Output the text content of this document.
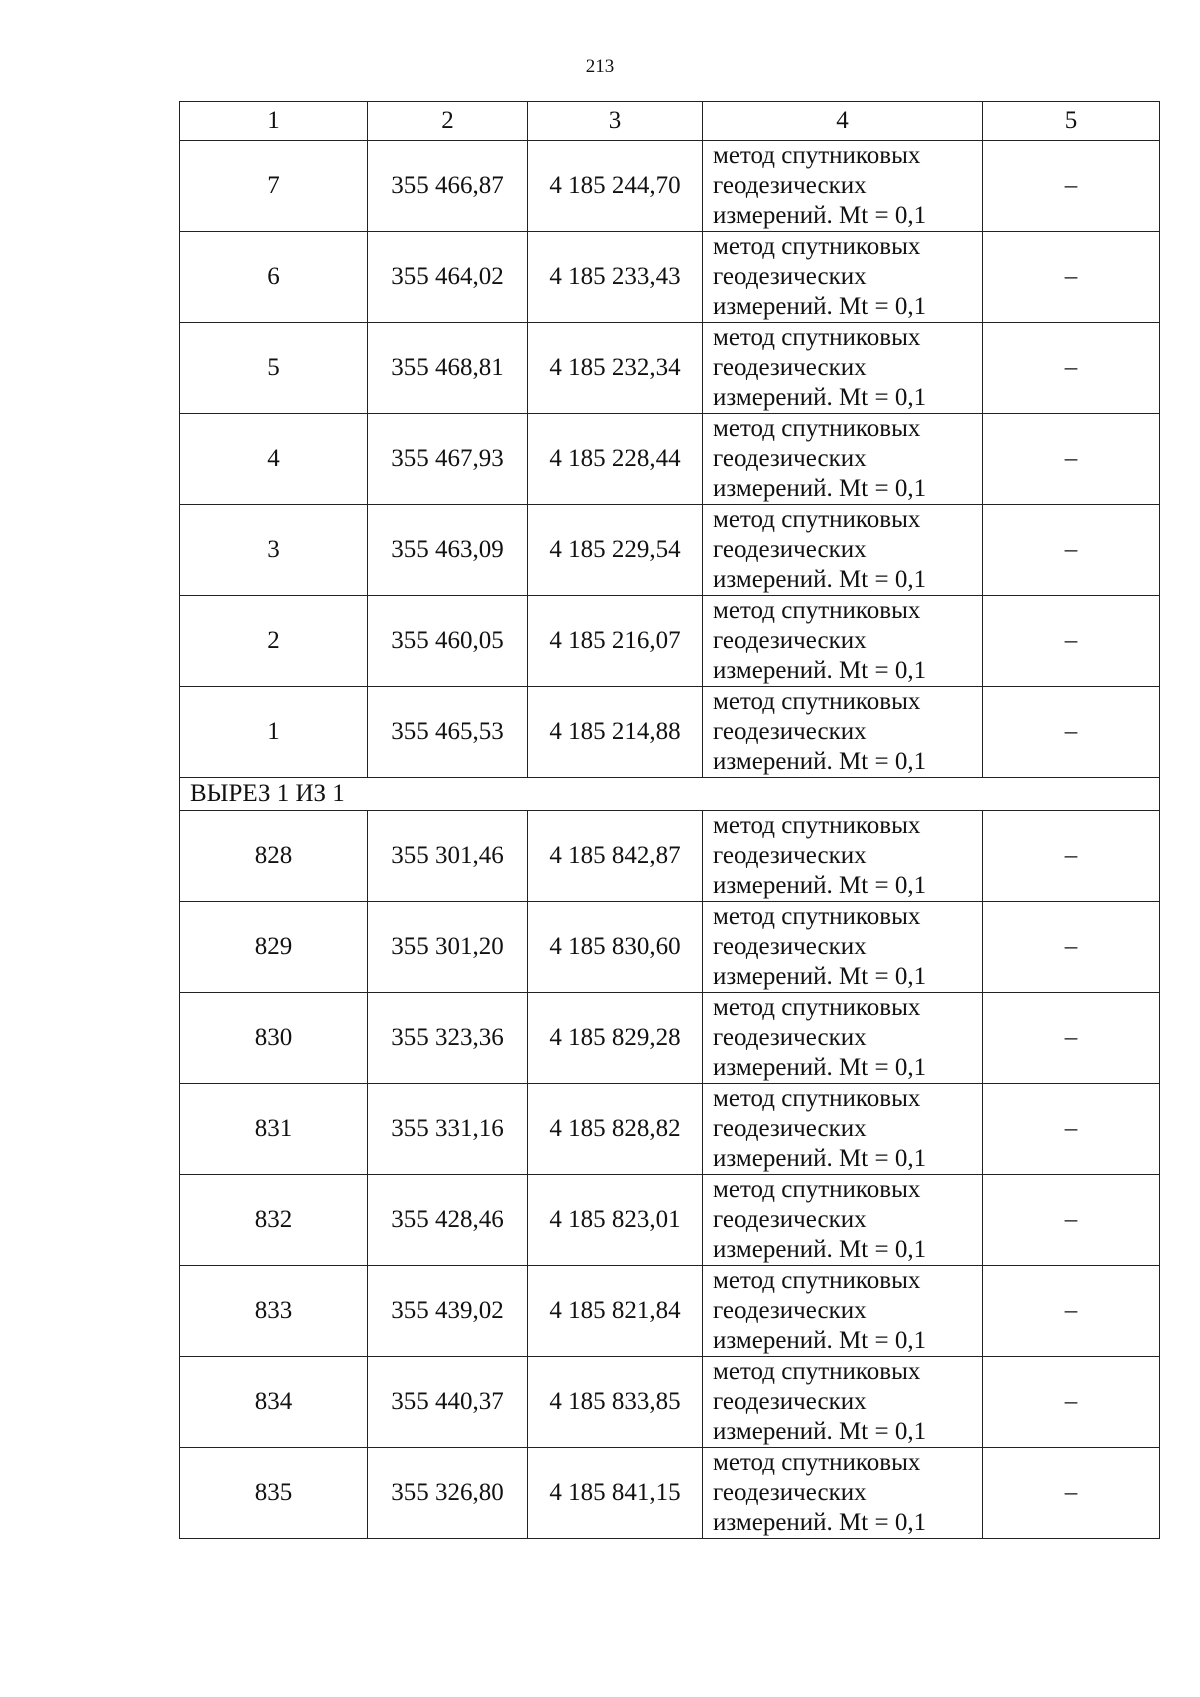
213
1	2	3	4	5
7	355 466,87	4 185 244,70	метод спутниковых
геодезических
измерений. Mt = 0,1	–
6	355 464,02	4 185 233,43	метод спутниковых
геодезических
измерений. Mt = 0,1	–
5	355 468,81	4 185 232,34	метод спутниковых
геодезических
измерений. Mt = 0,1	–
4	355 467,93	4 185 228,44	метод спутниковых
геодезических
измерений. Mt = 0,1	–
3	355 463,09	4 185 229,54	метод спутниковых
геодезических
измерений. Mt = 0,1	–
2	355 460,05	4 185 216,07	метод спутниковых
геодезических
измерений. Mt = 0,1	–
1	355 465,53	4 185 214,88	метод спутниковых
геодезических
измерений. Mt = 0,1	–
ВЫРЕЗ 1 ИЗ 1				
828	355 301,46	4 185 842,87	метод спутниковых
геодезических
измерений. Mt = 0,1	–
829	355 301,20	4 185 830,60	метод спутниковых
геодезических
измерений. Mt = 0,1	–
830	355 323,36	4 185 829,28	метод спутниковых
геодезических
измерений. Mt = 0,1	–
831	355 331,16	4 185 828,82	метод спутниковых
геодезических
измерений. Mt = 0,1	–
832	355 428,46	4 185 823,01	метод спутниковых
геодезических
измерений. Mt = 0,1	–
833	355 439,02	4 185 821,84	метод спутниковых
геодезических
измерений. Mt = 0,1	–
834	355 440,37	4 185 833,85	метод спутниковых
геодезических
измерений. Mt = 0,1	–
835	355 326,80	4 185 841,15	метод спутниковых
геодезических
измерений. Mt = 0,1	–
